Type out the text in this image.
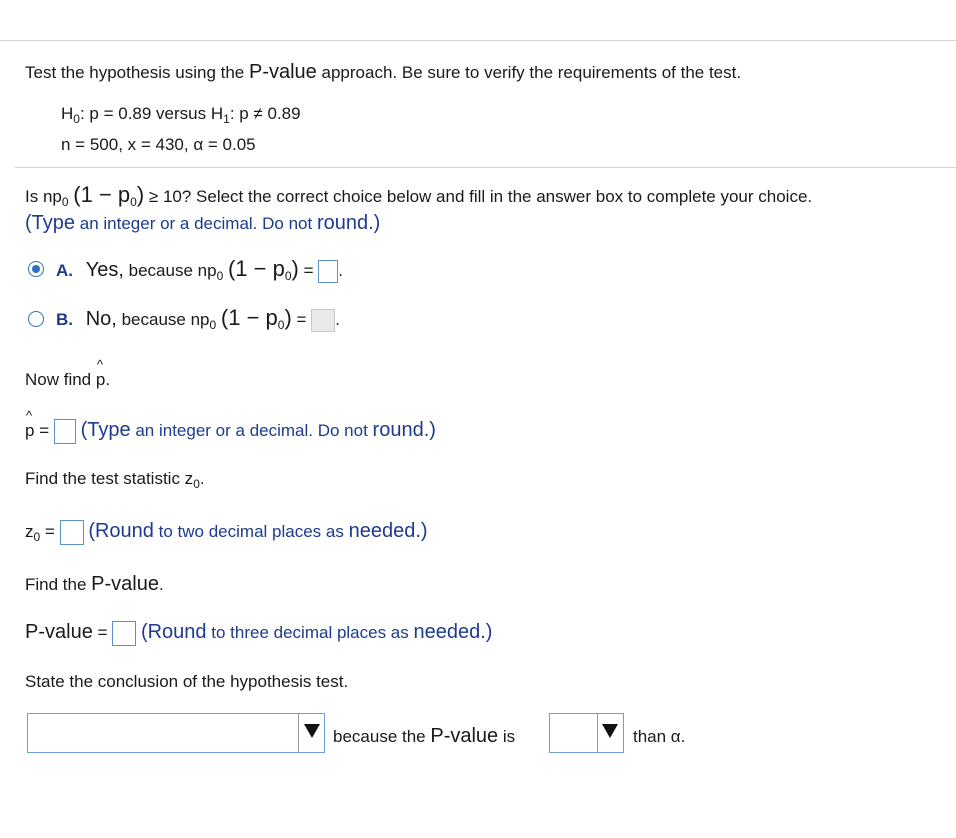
Test the hypothesis using the P-value approach. Be sure to verify the requirements of the test.
$H_0$: p = 0.89 versus $H_1$: p ≠ 0.89
n = 500, x = 430, α = 0.05
Is $np_0$ $(1 - p_0) \ge 10$? Select the correct choice below and fill in the answer box to complete your choice.
(Type an integer or a decimal. Do not round.)
A. Yes, because $np_0$ $(1 - p_0)$ = .
B. No, because $np_0$ $(1 - p_0)$ = .
Now find ^ p.
^ p = (Type an integer or a decimal. Do not round.)
Find the test statistic $z_0$.
$z_0$ = (Round to two decimal places as needed.)
Find the P-value.
P-value = (Round to three decimal places as needed.)
State the conclusion of the hypothesis test.
because the P-value is	than α.
